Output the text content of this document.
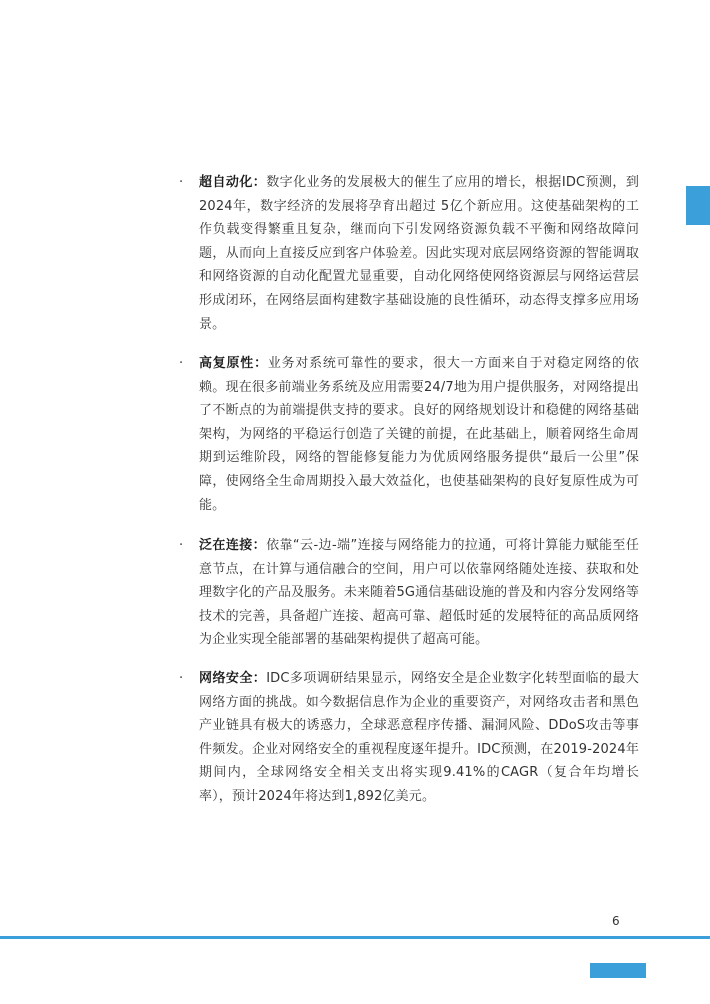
· 超自动化：数字化业务的发展极大的催生了应用的增长，根据IDC预测，到2024年，数字经济的发展将孕育出超过 5亿个新应用。这使基础架构的工作负载变得繁重且复杂，继而向下引发网络资源负载不平衡和网络故障问题，从而向上直接反应到客户体验差。因此实现对底层网络资源的智能调取和网络资源的自动化配置尤显重要，自动化网络使网络资源层与网络运营层形成闭环，在网络层面构建数字基础设施的良性循环，动态得支撑多应用场景。

· 高复原性：业务对系统可靠性的要求，很大一方面来自于对稳定网络的依赖。现在很多前端业务系统及应用需要24/7地为用户提供服务，对网络提出了不断点的为前端提供支持的要求。良好的网络规划设计和稳健的网络基础架构，为网络的平稳运行创造了关键的前提，在此基础上，顺着网络生命周期到运维阶段，网络的智能修复能力为优质网络服务提供“最后一公里”保障，使网络全生命周期投入最大效益化，也使基础架构的良好复原性成为可能。

· 泛在连接：依靠“云-边-端”连接与网络能力的拉通，可将计算能力赋能至任意节点，在计算与通信融合的空间，用户可以依靠网络随处连接、获取和处理数字化的产品及服务。未来随着5G通信基础设施的普及和内容分发网络等技术的完善，具备超广连接、超高可靠、超低时延的发展特征的高品质网络为企业实现全能部署的基础架构提供了超高可能。

· 网络安全：IDC多项调研结果显示，网络安全是企业数字化转型面临的最大网络方面的挑战。如今数据信息作为企业的重要资产，对网络攻击者和黑色产业链具有极大的诱惑力，全球恶意程序传播、漏洞风险、DDoS攻击等事件频发。企业对网络安全的重视程度逐年提升。IDC预测，在2019-2024年期间内，全球网络安全相关支出将实现9.41%的CAGR（复合年均增长率），预计2024年将达到1,892亿美元。

6
